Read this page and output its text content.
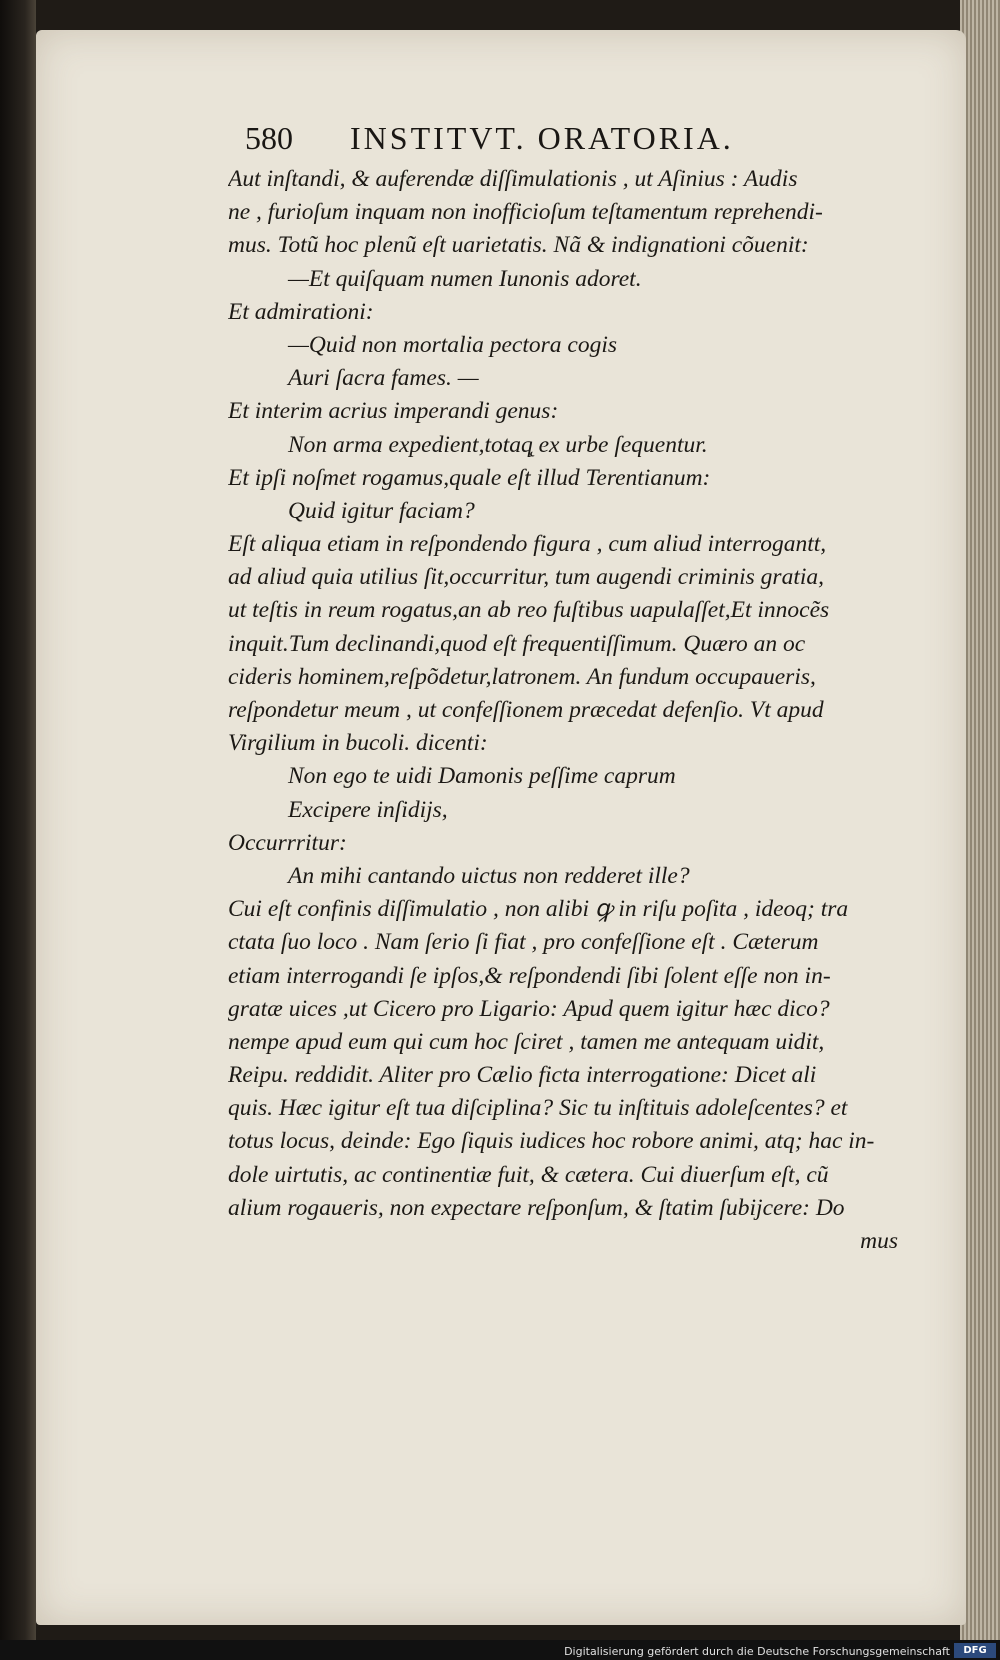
580 INSTITVT. ORATORIA.
Aut inſtandi, & auferendæ diſſimulationis , ut Aſinius : Audis
ne , furioſum inquam non inofficioſum teſtamentum reprehendi-
mus. Totũ hoc plenũ eſt uarietatis. Nã & indignationi cõuenit:
—Et quiſquam numen Iunonis adoret.
Et admirationi:
—Quid non mortalia pectora cogis
Auri ſacra fames. —
Et interim acrius imperandi genus:
Non arma expedient,totaq̨ ex urbe ſequentur.
Et ipſi noſmet rogamus,quale eſt illud Terentianum:
Quid igitur faciam?
Eſt aliqua etiam in reſpondendo figura , cum aliud interrogantt,
ad aliud quia utilius ſit,occurritur, tum augendi criminis gratia,
ut teſtis in reum rogatus,an ab reo fuſtibus uapulaſſet,Et innocẽs
inquit.Tum declinandi,quod eſt frequentiſſimum. Quæro an oc
cideris hominem,reſpõdetur,latronem. An fundum occupaueris,
reſpondetur meum , ut confeſſionem præcedat defenſio. Vt apud
Virgilium in bucoli. dicenti:
Non ego te uidi Damonis peſſime caprum
Excipere inſidijs,
Occurrritur:
An mihi cantando uictus non redderet ille?
Cui eſt confinis diſſimulatio , non alibi ꝙ in riſu poſita , ideoq; tra
ctata ſuo loco . Nam ſerio ſi fiat , pro confeſſione eſt . Cæterum
etiam interrogandi ſe ipſos,& reſpondendi ſibi ſolent eſſe non in-
gratæ uices ,ut Cicero pro Ligario: Apud quem igitur hæc dico?
nempe apud eum qui cum hoc ſciret , tamen me antequam uidit,
Reipu. reddidit. Aliter pro Cælio ficta interrogatione: Dicet ali
quis. Hæc igitur eſt tua diſciplina? Sic tu inſtituis adoleſcentes? et
totus locus, deinde: Ego ſiquis iudices hoc robore animi, atq; hac in-
dole uirtutis, ac continentiæ fuit, & cætera. Cui diuerſum eſt, cũ
alium rogaueris, non expectare reſponſum, & ſtatim ſubijcere: Do
mus
Digitalisierung gefördert durch die Deutsche Forschungsgemeinschaft	DFG
